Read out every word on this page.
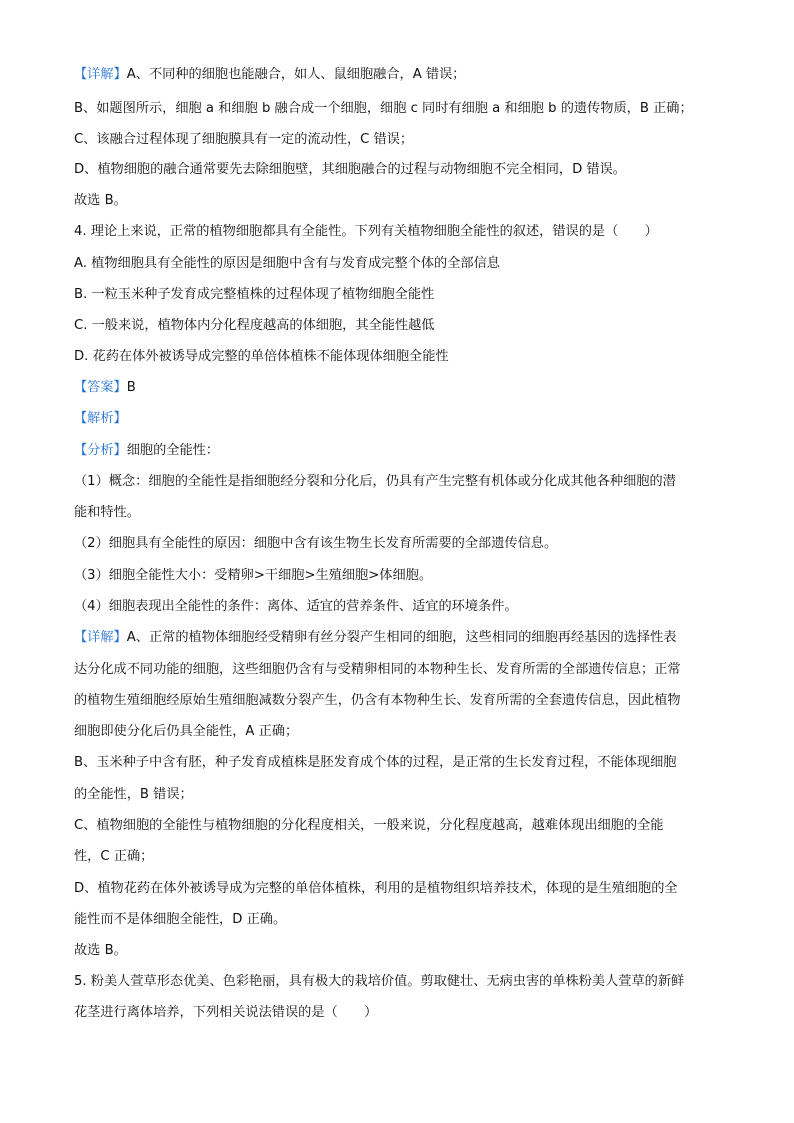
【详解】A、不同种的细胞也能融合，如人、鼠细胞融合，A 错误；
B、如题图所示，细胞 a 和细胞 b 融合成一个细胞，细胞 c 同时有细胞 a 和细胞 b 的遗传物质，B 正确；
C、该融合过程体现了细胞膜具有一定的流动性，C 错误；
D、植物细胞的融合通常要先去除细胞壁，其细胞融合的过程与动物细胞不完全相同，D 错误。
故选 B。
4. 理论上来说，正常的植物细胞都具有全能性。下列有关植物细胞全能性的叙述，错误的是（　　）
A. 植物细胞具有全能性的原因是细胞中含有与发育成完整个体的全部信息
B. 一粒玉米种子发育成完整植株的过程体现了植物细胞全能性
C. 一般来说，植物体内分化程度越高的体细胞，其全能性越低
D. 花药在体外被诱导成完整的单倍体植株不能体现体细胞全能性
【答案】B
【解析】
【分析】细胞的全能性：
（1）概念：细胞的全能性是指细胞经分裂和分化后，仍具有产生完整有机体或分化成其他各种细胞的潜
能和特性。
（2）细胞具有全能性的原因：细胞中含有该生物生长发育所需要的全部遗传信息。
（3）细胞全能性大小：受精卵>干细胞>生殖细胞>体细胞。
（4）细胞表现出全能性的条件：离体、适宜的营养条件、适宜的环境条件。
【详解】A、正常的植物体细胞经受精卵有丝分裂产生相同的细胞，这些相同的细胞再经基因的选择性表
达分化成不同功能的细胞，这些细胞仍含有与受精卵相同的本物种生长、发育所需的全部遗传信息；正常
的植物生殖细胞经原始生殖细胞减数分裂产生，仍含有本物种生长、发育所需的全套遗传信息，因此植物
细胞即使分化后仍具全能性，A 正确；
B、玉米种子中含有胚，种子发育成植株是胚发育成个体的过程，是正常的生长发育过程，不能体现细胞
的全能性，B 错误；
C、植物细胞的全能性与植物细胞的分化程度相关，一般来说，分化程度越高，越难体现出细胞的全能
性，C 正确；
D、植物花药在体外被诱导成为完整的单倍体植株，利用的是植物组织培养技术，体现的是生殖细胞的全
能性而不是体细胞全能性，D 正确。
故选 B。
5. 粉美人萱草形态优美、色彩艳丽，具有极大的栽培价值。剪取健壮、无病虫害的单株粉美人萱草的新鲜
花茎进行离体培养，下列相关说法错误的是（　　）
